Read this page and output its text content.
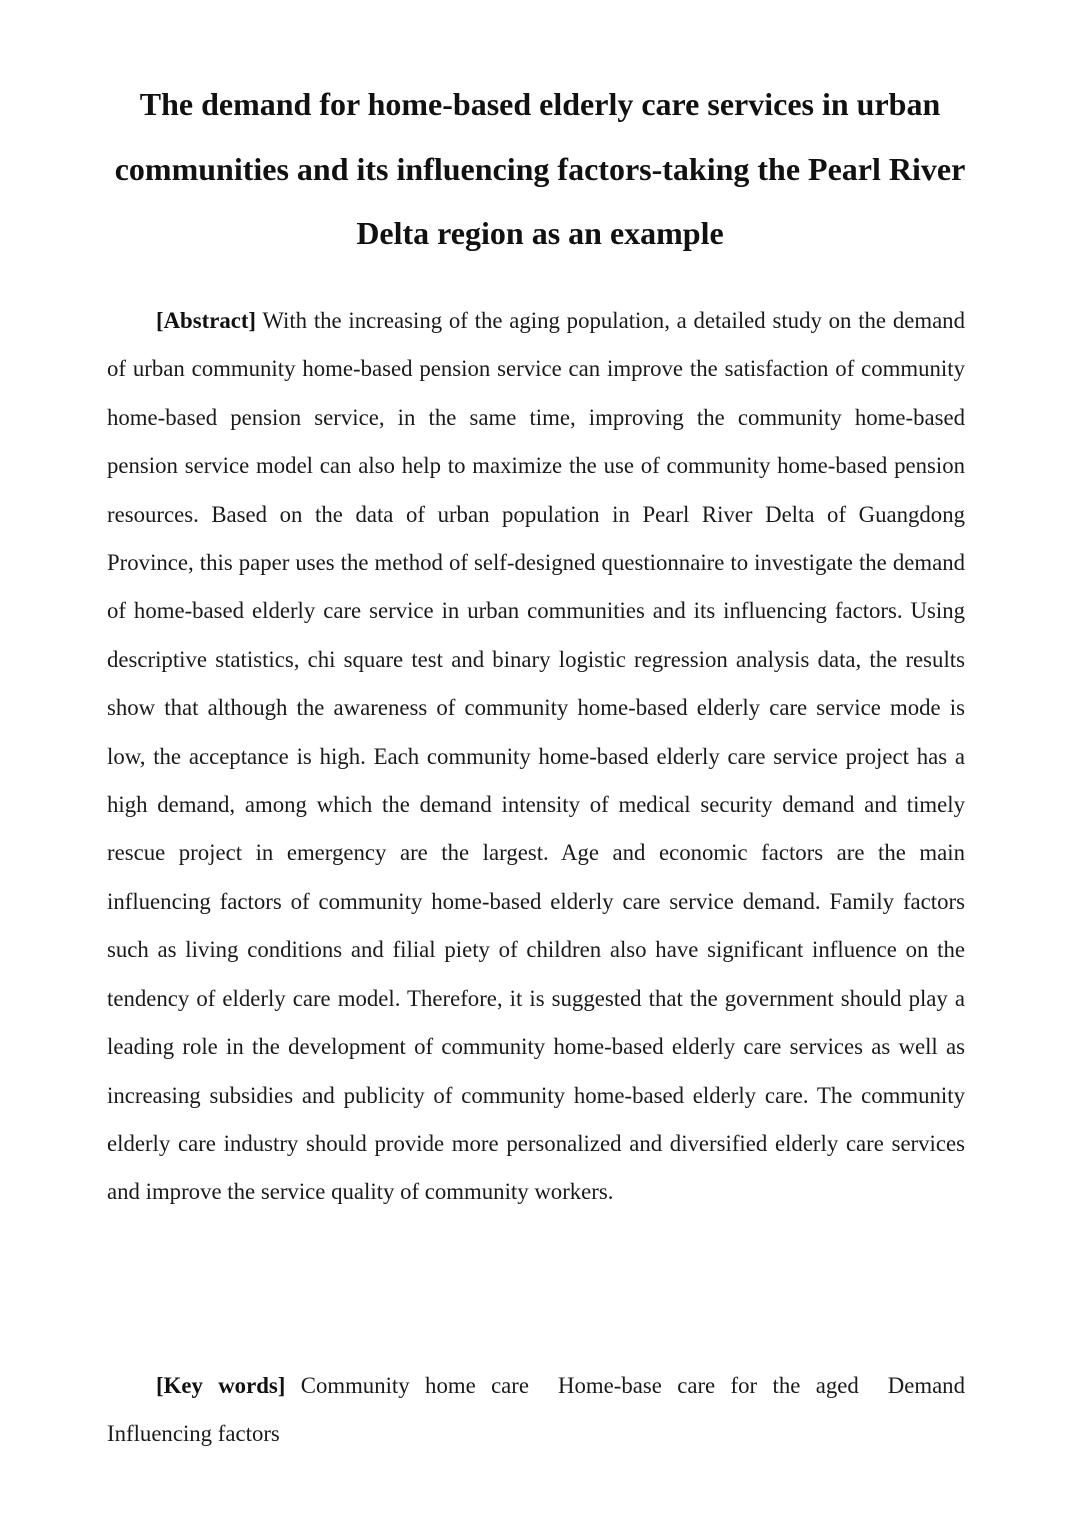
The demand for home-based elderly care services in urban communities and its influencing factors-taking the Pearl River Delta region as an example

[Abstract] With the increasing of the aging population, a detailed study on the demand of urban community home-based pension service can improve the satisfaction of community home-based pension service, in the same time, improving the community home-based pension service model can also help to maximize the use of community home-based pension resources. Based on the data of urban population in Pearl River Delta of Guangdong Province, this paper uses the method of self-designed questionnaire to investigate the demand of home-based elderly care service in urban communities and its influencing factors. Using descriptive statistics, chi square test and binary logistic regression analysis data, the results show that although the awareness of community home-based elderly care service mode is low, the acceptance is high. Each community home-based elderly care service project has a high demand, among which the demand intensity of medical security demand and timely rescue project in emergency are the largest. Age and economic factors are the main influencing factors of community home-based elderly care service demand. Family factors such as living conditions and filial piety of children also have significant influence on the tendency of elderly care model. Therefore, it is suggested that the government should play a leading role in the development of community home-based elderly care services as well as increasing subsidies and publicity of community home-based elderly care. The community elderly care industry should provide more personalized and diversified elderly care services and improve the service quality of community workers.

[Key words] Community home care Home-base care for the aged Demand Influencing factors
